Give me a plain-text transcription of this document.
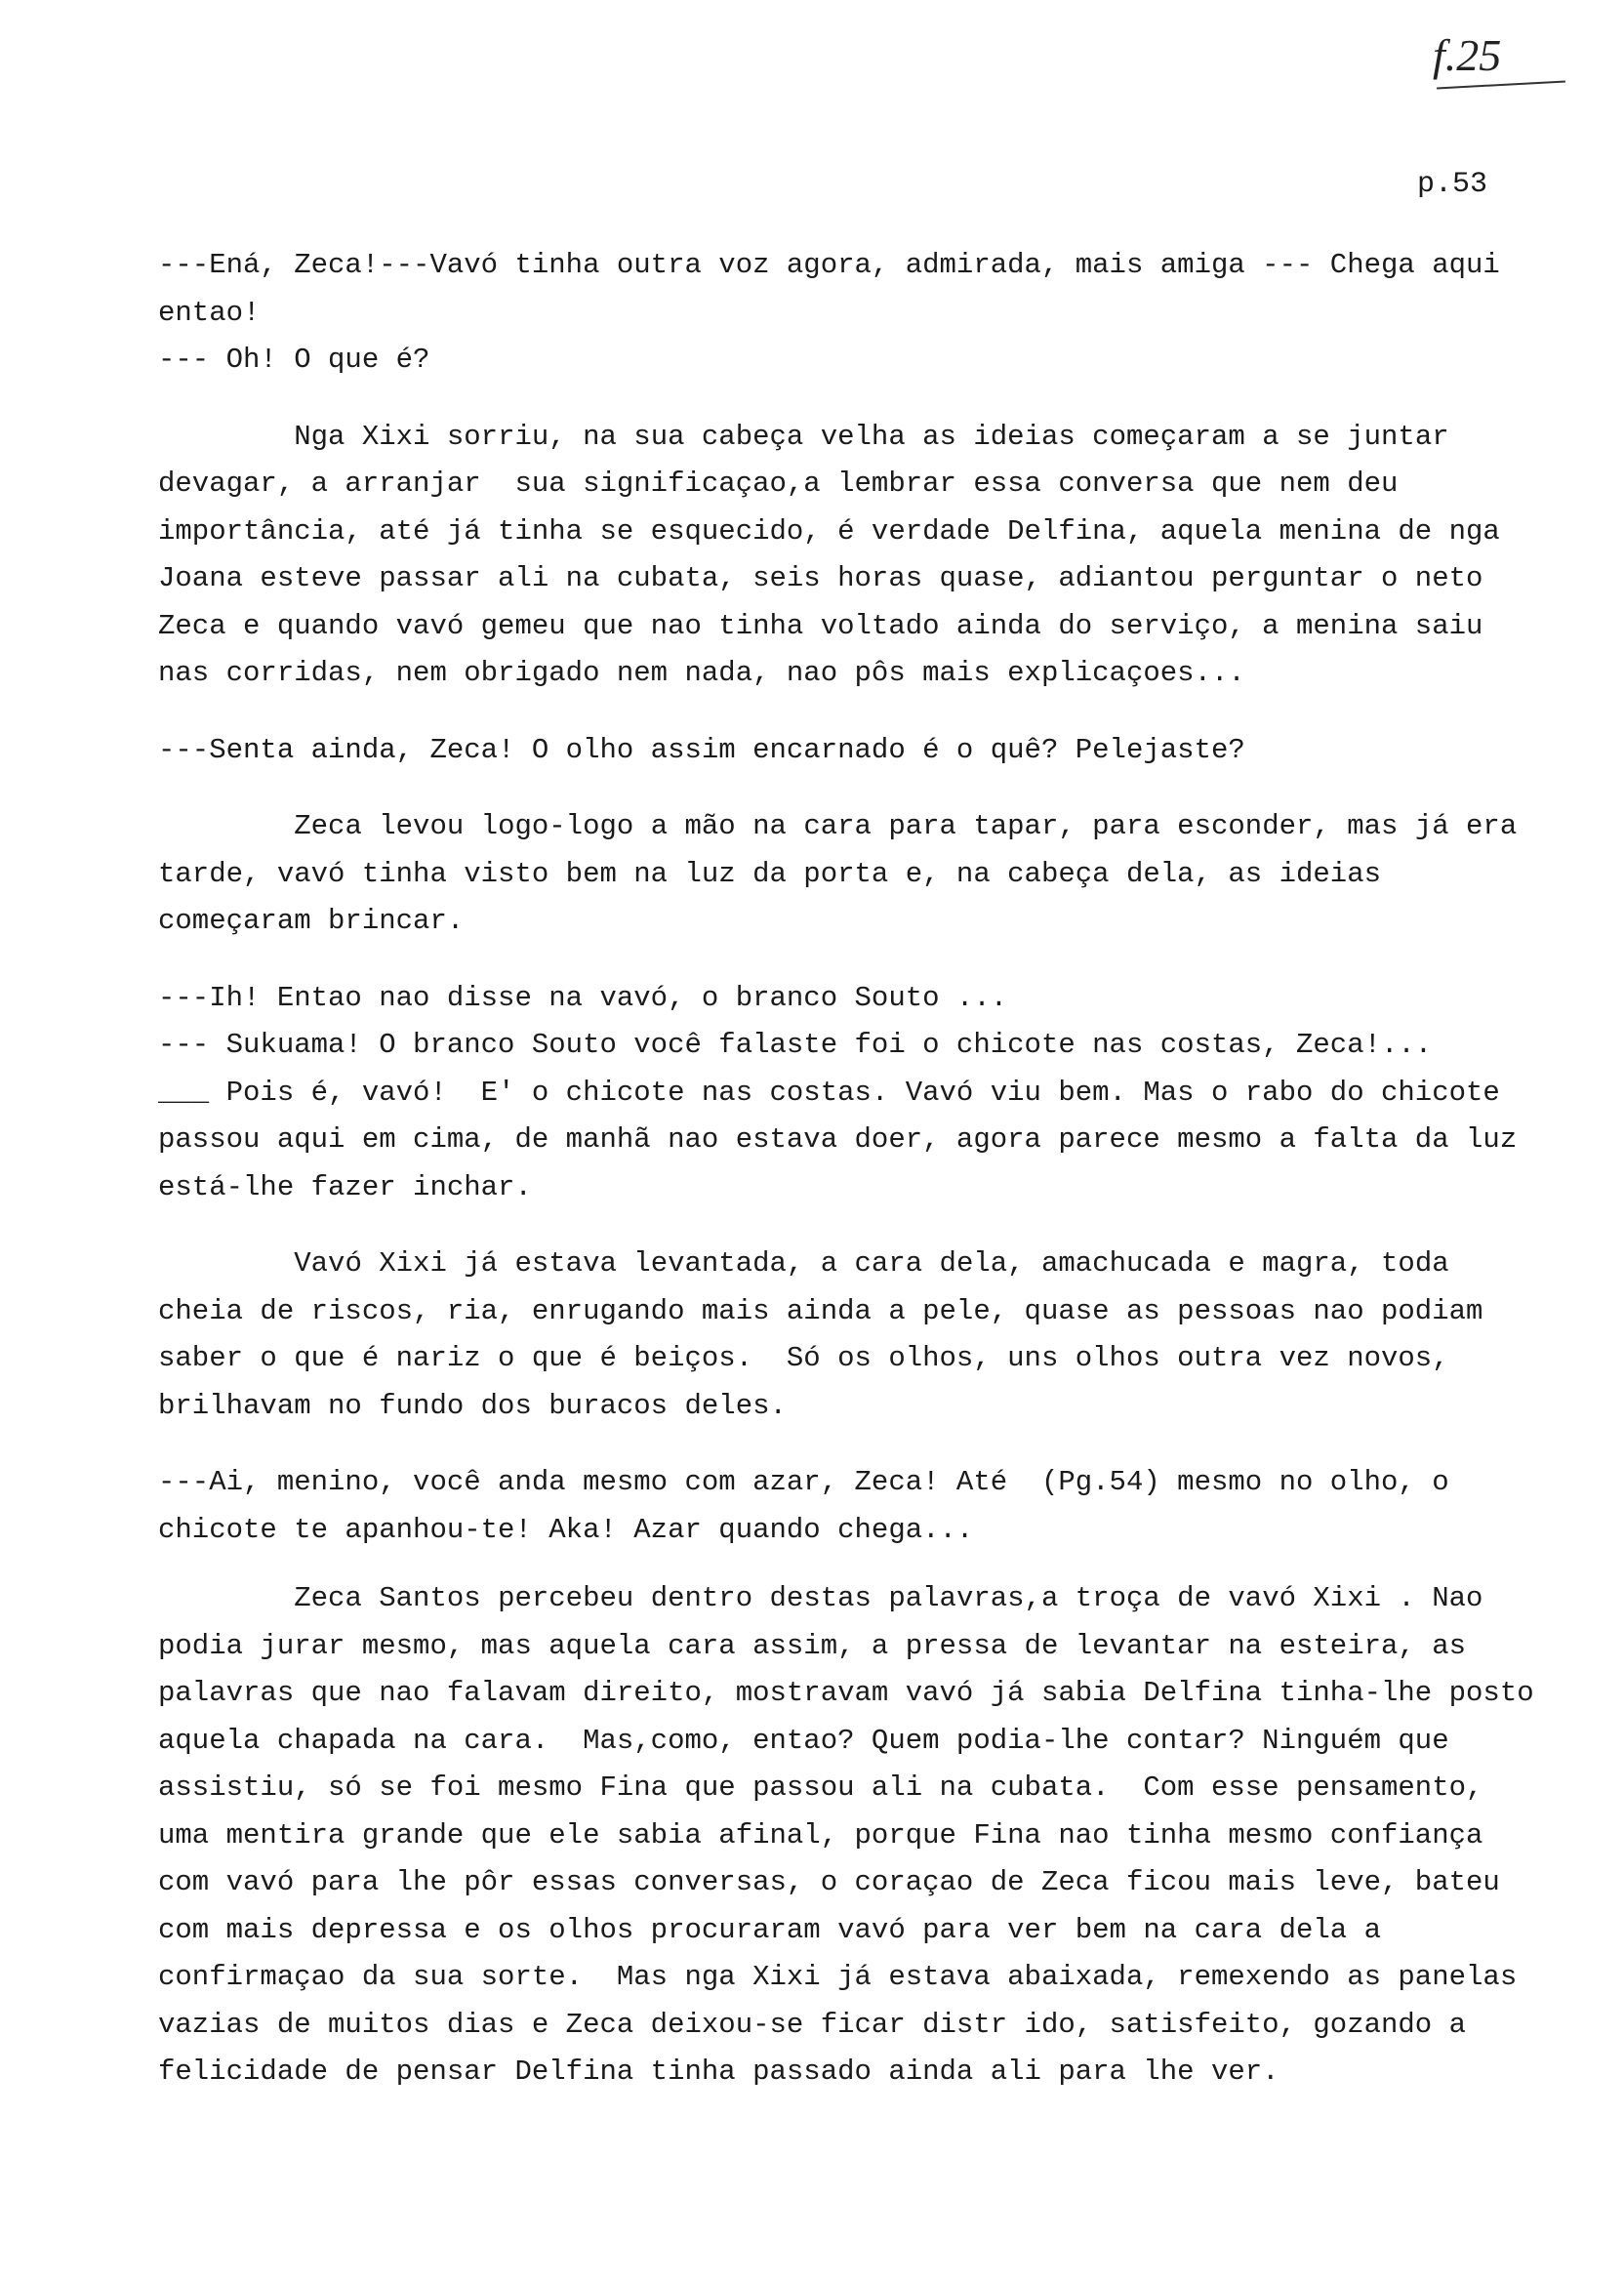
f.25
p.53

---Ená, Zeca!---Vavó tinha outra voz agora, admirada, mais amiga --- Chega aqui entao!

--- Oh! O que é?

Nga Xixi sorriu, na sua cabeça velha as ideias começaram a se juntar devagar, a arranjar  sua significaçao,a lembrar essa conversa que nem deu importância, até já tinha se esquecido, é verdade Delfina, aquela menina de nga Joana esteve passar ali na cubata, seis horas quase, adiantou perguntar o neto Zeca e quando vavó gemeu que nao tinha voltado ainda do serviço, a menina saiu nas corridas, nem obrigado nem nada, nao pôs mais explicaçoes...

---Senta ainda, Zeca! O olho assim encarnado é o quê? Pelejaste?

Zeca levou logo-logo a mão na cara para tapar, para esconder, mas já era tarde, vavó tinha visto bem na luz da porta e, na cabeça dela, as ideias começaram brincar.

---Ih! Entao nao disse na vavó, o branco Souto ...

--- Sukuama! O branco Souto você falaste foi o chicote nas costas, Zeca!...

___ Pois é, vavó!  E' o chicote nas costas. Vavó viu bem. Mas o rabo do chicote passou aqui em cima, de manhã nao estava doer, agora parece mesmo a falta da luz está-lhe fazer inchar.

Vavó Xixi já estava levantada, a cara dela, amachucada e magra, toda cheia de riscos, ria, enrugando mais ainda a pele, quase as pessoas nao podiam saber o que é nariz o que é beiços.  Só os olhos, uns olhos outra vez novos, brilhavam no fundo dos buracos deles.

---Ai, menino, você anda mesmo com azar, Zeca! Até  (Pg.54) mesmo no olho, o chicote te apanhou-te! Aka! Azar quando chega...

Zeca Santos percebeu dentro destas palavras,a troça de vavó Xixi . Nao podia jurar mesmo, mas aquela cara assim, a pressa de levantar na esteira, as palavras que nao falavam direito, mostravam vavó já sabia Delfina tinha-lhe posto aquela chapada na cara.  Mas,como, entao? Quem podia-lhe contar? Ninguém que assistiu, só se foi mesmo Fina que passou ali na cubata.  Com esse pensamento, uma mentira grande que ele sabia afinal, porque Fina nao tinha mesmo confiança com vavó para lhe pôr essas conversas, o coraçao de Zeca ficou mais leve, bateu com mais depressa e os olhos procuraram vavó para ver bem na cara dela a confirmaçao da sua sorte.  Mas nga Xixi já estava abaixada, remexendo as panelas vazias de muitos dias e Zeca deixou-se ficar distr ido, satisfeito, gozando a felicidade de pensar Delfina tinha passado ainda ali para lhe ver.
